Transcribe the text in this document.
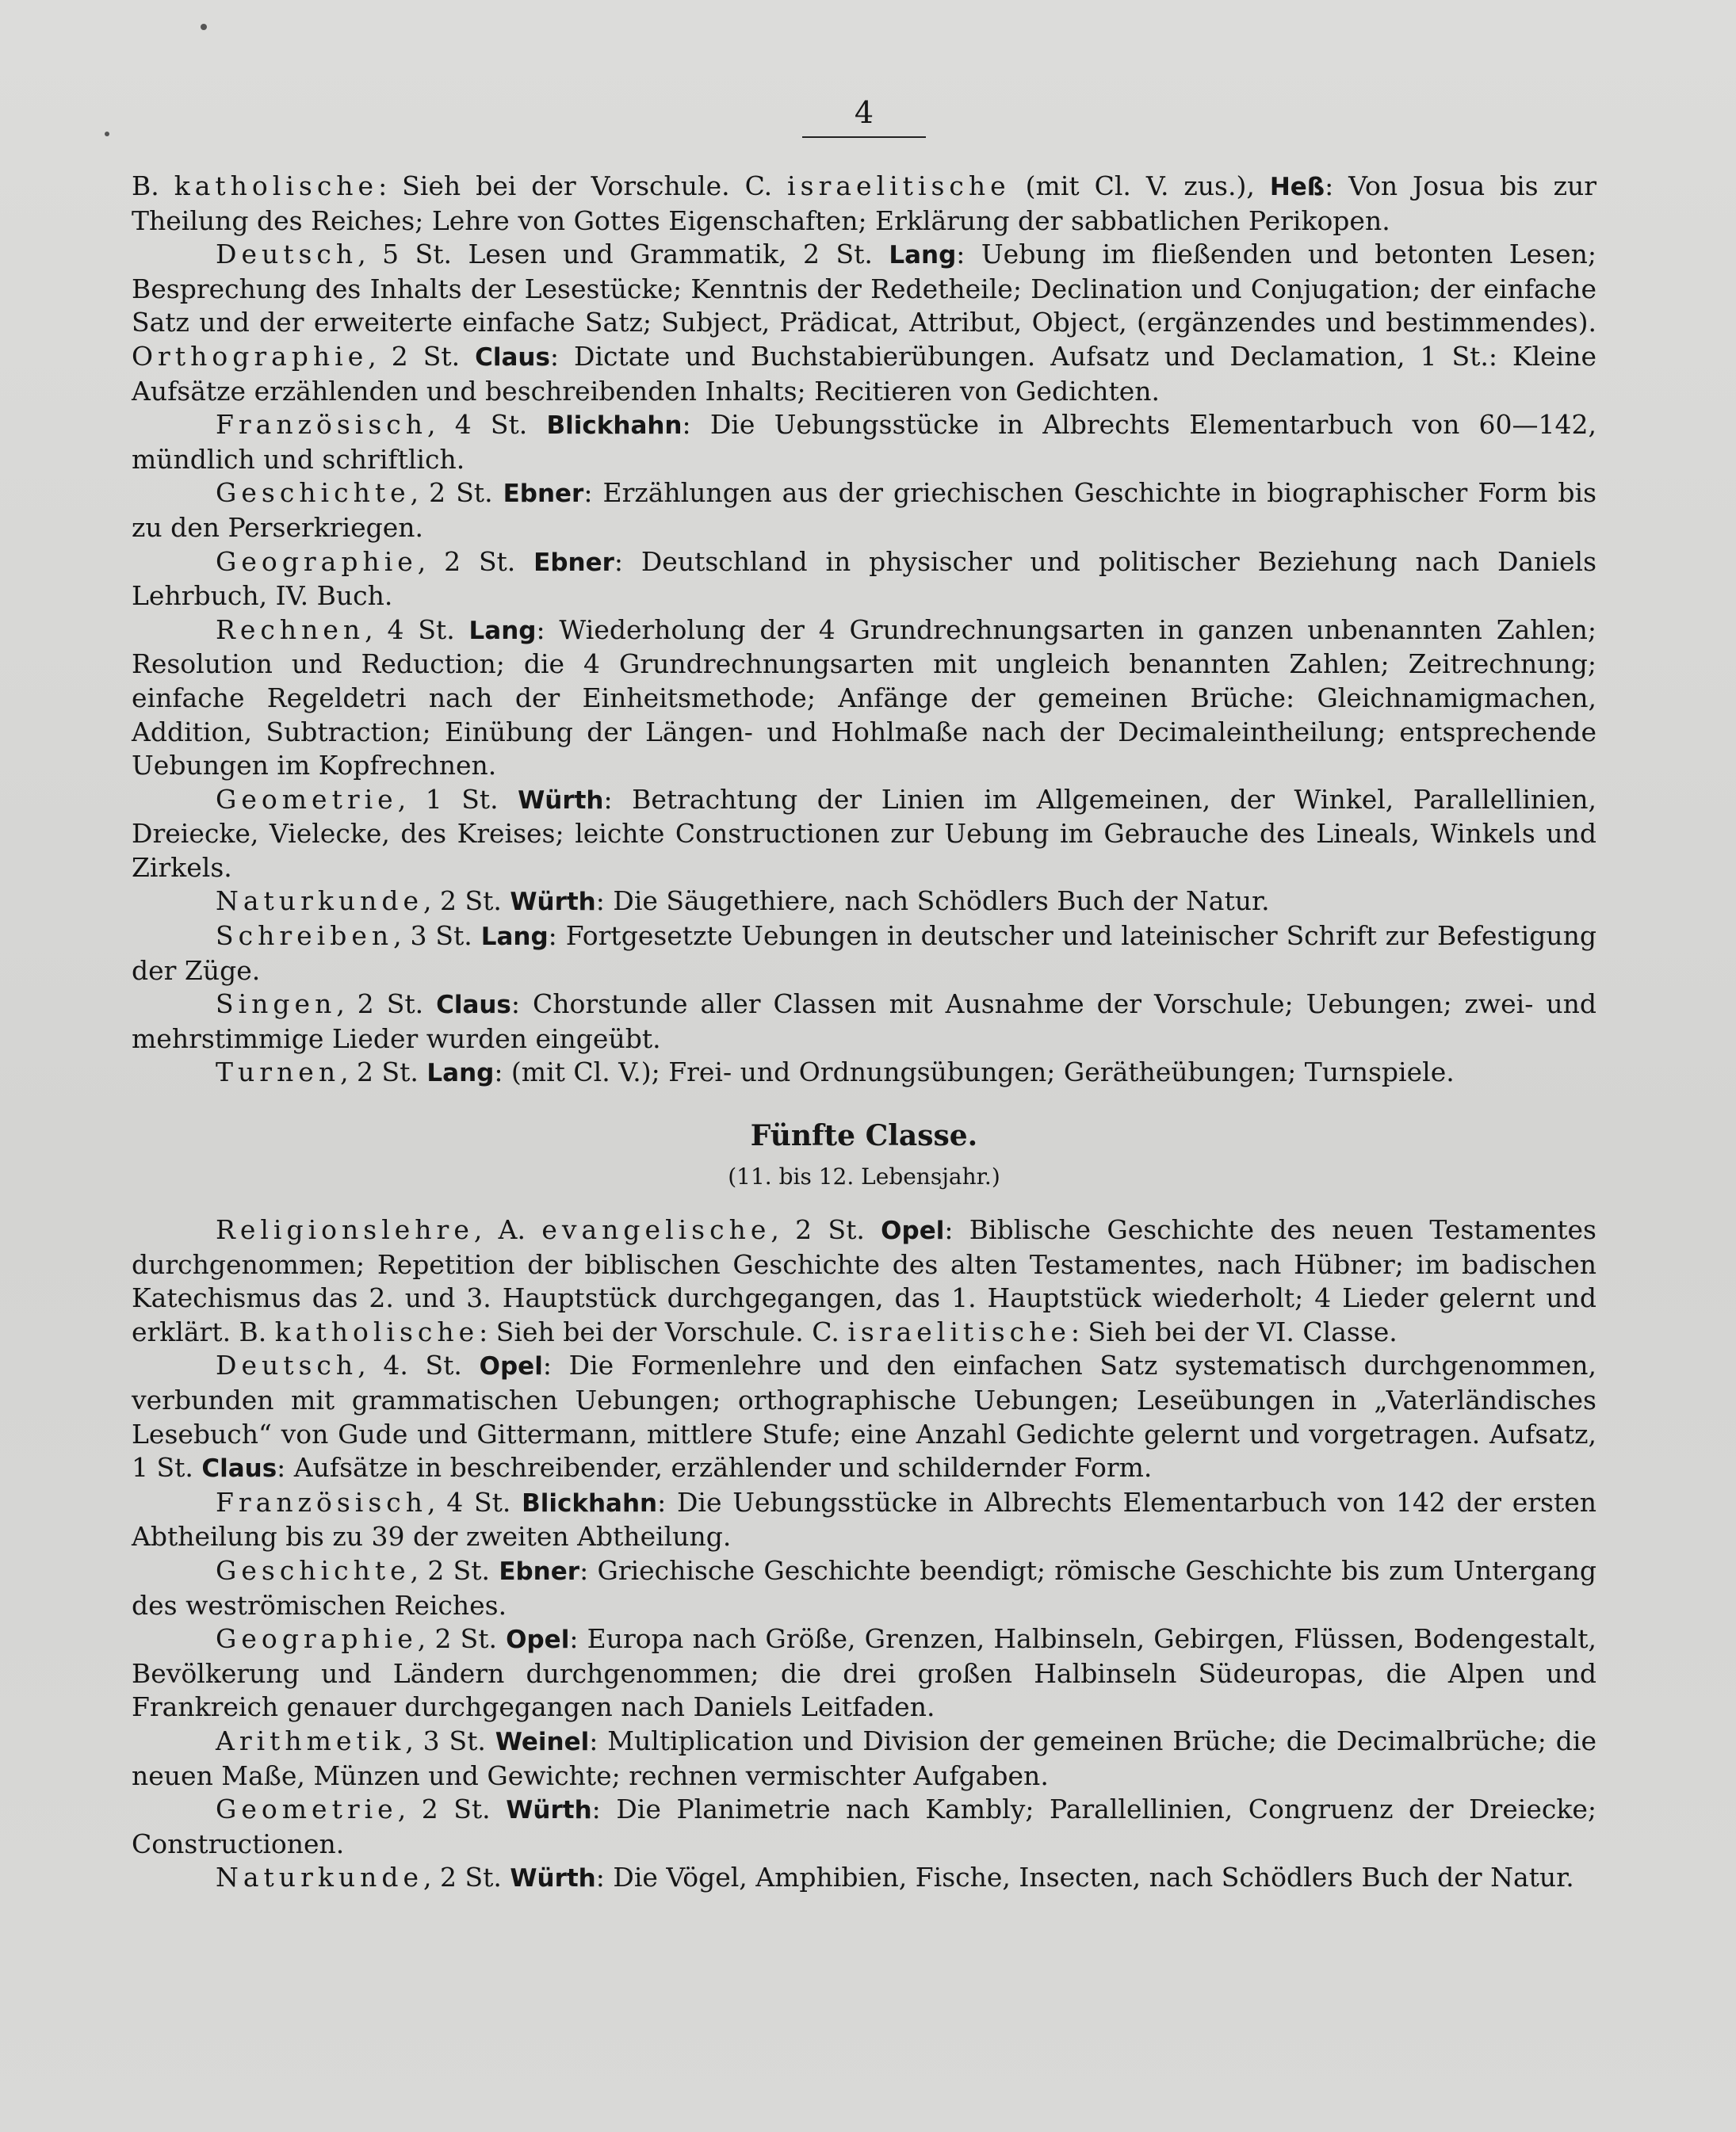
4

B. katholische: Sieh bei der Vorschule. C. israelitische (mit Cl. V. zus.), Heß: Von Josua bis zur Theilung des Reiches; Lehre von Gottes Eigenschaften; Erklärung der sabbatlichen Perikopen.

Deutsch, 5 St. Lesen und Grammatik, 2 St. Lang: Uebung im fließenden und betonten Lesen; Besprechung des Inhalts der Lesestücke; Kenntnis der Redetheile; Declination und Conjugation; der einfache Satz und der erweiterte einfache Satz; Subject, Prädicat, Attribut, Object, (ergänzendes und bestimmendes). Orthographie, 2 St. Claus: Dictate und Buchstabierübungen. Aufsatz und Declamation, 1 St.: Kleine Aufsätze erzählenden und beschreibenden Inhalts; Recitieren von Gedichten.

Französisch, 4 St. Blickhahn: Die Uebungsstücke in Albrechts Elementarbuch von 60—142, mündlich und schriftlich.

Geschichte, 2 St. Ebner: Erzählungen aus der griechischen Geschichte in biographischer Form bis zu den Perserkriegen.

Geographie, 2 St. Ebner: Deutschland in physischer und politischer Beziehung nach Daniels Lehrbuch, IV. Buch.

Rechnen, 4 St. Lang: Wiederholung der 4 Grundrechnungsarten in ganzen unbenannten Zahlen; Resolution und Reduction; die 4 Grundrechnungsarten mit ungleich benannten Zahlen; Zeitrechnung; einfache Regeldetri nach der Einheitsmethode; Anfänge der gemeinen Brüche: Gleichnamigmachen, Addition, Subtraction; Einübung der Längen- und Hohlmaße nach der Decimaleintheilung; entsprechende Uebungen im Kopfrechnen.

Geometrie, 1 St. Würth: Betrachtung der Linien im Allgemeinen, der Winkel, Parallellinien, Dreiecke, Vielecke, des Kreises; leichte Constructionen zur Uebung im Gebrauche des Lineals, Winkels und Zirkels.

Naturkunde, 2 St. Würth: Die Säugethiere, nach Schödlers Buch der Natur.

Schreiben, 3 St. Lang: Fortgesetzte Uebungen in deutscher und lateinischer Schrift zur Befestigung der Züge.

Singen, 2 St. Claus: Chorstunde aller Classen mit Ausnahme der Vorschule; Uebungen; zwei- und mehrstimmige Lieder wurden eingeübt.

Turnen, 2 St. Lang: (mit Cl. V.); Frei- und Ordnungsübungen; Gerätheübungen; Turnspiele.

Fünfte Classe.
(11. bis 12. Lebensjahr.)

Religionslehre, A. evangelische, 2 St. Opel: Biblische Geschichte des neuen Testamentes durchgenommen; Repetition der biblischen Geschichte des alten Testamentes, nach Hübner; im badischen Katechismus das 2. und 3. Hauptstück durchgegangen, das 1. Hauptstück wiederholt; 4 Lieder gelernt und erklärt. B. katholische: Sieh bei der Vorschule. C. israelitische: Sieh bei der VI. Classe.

Deutsch, 4. St. Opel: Die Formenlehre und den einfachen Satz systematisch durchgenommen, verbunden mit grammatischen Uebungen; orthographische Uebungen; Leseübungen in „Vaterländisches Lesebuch“ von Gude und Gittermann, mittlere Stufe; eine Anzahl Gedichte gelernt und vorgetragen. Aufsatz, 1 St. Claus: Aufsätze in beschreibender, erzählender und schildernder Form.

Französisch, 4 St. Blickhahn: Die Uebungsstücke in Albrechts Elementarbuch von 142 der ersten Abtheilung bis zu 39 der zweiten Abtheilung.

Geschichte, 2 St. Ebner: Griechische Geschichte beendigt; römische Geschichte bis zum Untergang des weströmischen Reiches.

Geographie, 2 St. Opel: Europa nach Größe, Grenzen, Halbinseln, Gebirgen, Flüssen, Bodengestalt, Bevölkerung und Ländern durchgenommen; die drei großen Halbinseln Südeuropas, die Alpen und Frankreich genauer durchgegangen nach Daniels Leitfaden.

Arithmetik, 3 St. Weinel: Multiplication und Division der gemeinen Brüche; die Decimalbrüche; die neuen Maße, Münzen und Gewichte; rechnen vermischter Aufgaben.

Geometrie, 2 St. Würth: Die Planimetrie nach Kambly; Parallellinien, Congruenz der Dreiecke; Constructionen.

Naturkunde, 2 St. Würth: Die Vögel, Amphibien, Fische, Insecten, nach Schödlers Buch der Natur.
